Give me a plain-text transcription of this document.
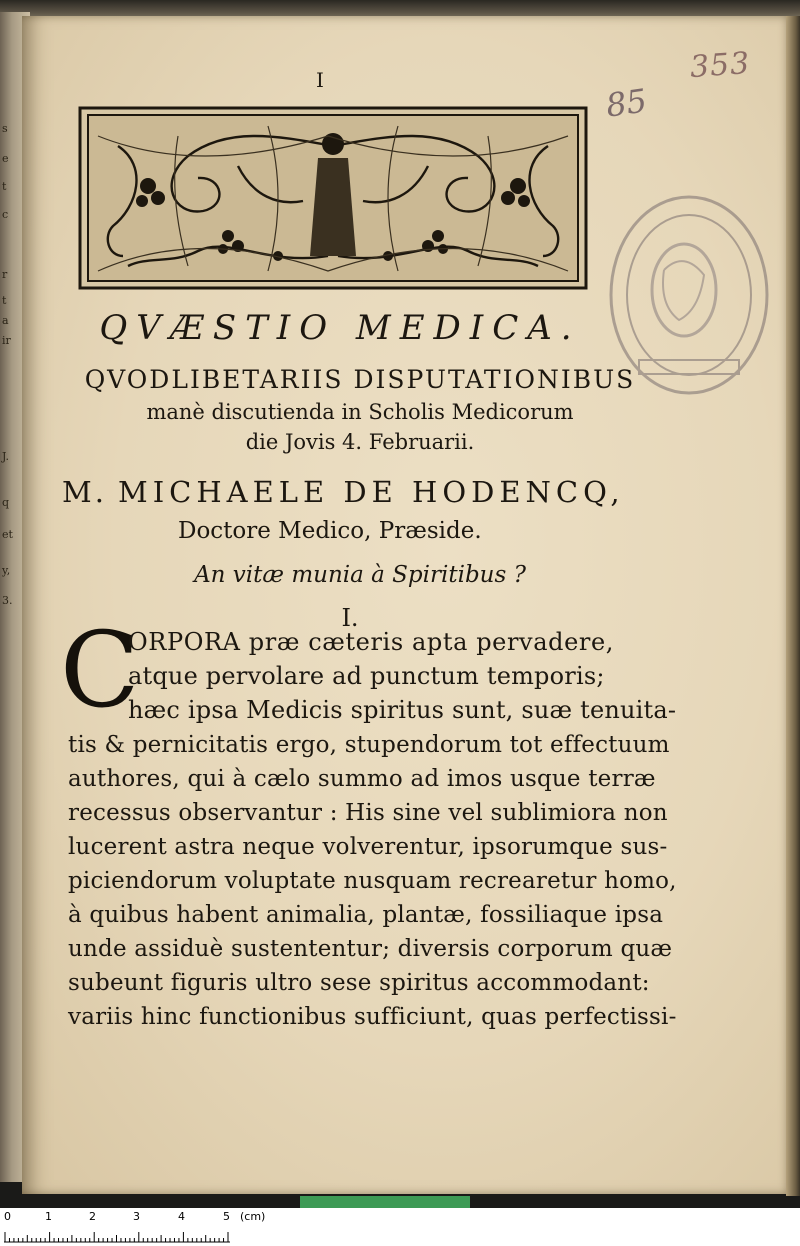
s
e
t
c
r
t
a
ir
J.
q
et
y,
3.
I	353
85
QVÆSTIO MEDICA.
QVODLIBETARIIS DISPUTATIONIBUS
manè discutienda in Scholis Medicorum
die Jovis 4. Februarii.
M. MICHAELE DE HODENCQ,
Doctore Medico, Præside.
An vitæ munia à Spiritibus ?
I.
C
ORPORA præ cæteris apta pervadere,
atque pervolare ad punctum temporis;
hæc ipsa Medicis spiritus sunt, suæ tenuita-
tis & pernicitatis ergo, stupendorum tot effectuum
authores, qui à cælo summo ad imos usque terræ
recessus observantur : His sine vel sublimiora non
lucerent astra neque volverentur, ipsorumque sus-
piciendorum voluptate nusquam recrearetur homo,
à quibus habent animalia, plantæ, fossiliaque ipsa
unde assiduè sustententur; diversis corporum quæ
subeunt figuris ultro sese spiritus accommodant:
variis hinc functionibus sufficiunt, quas perfectissi-
0	1	2	3	4	5 (cm)
